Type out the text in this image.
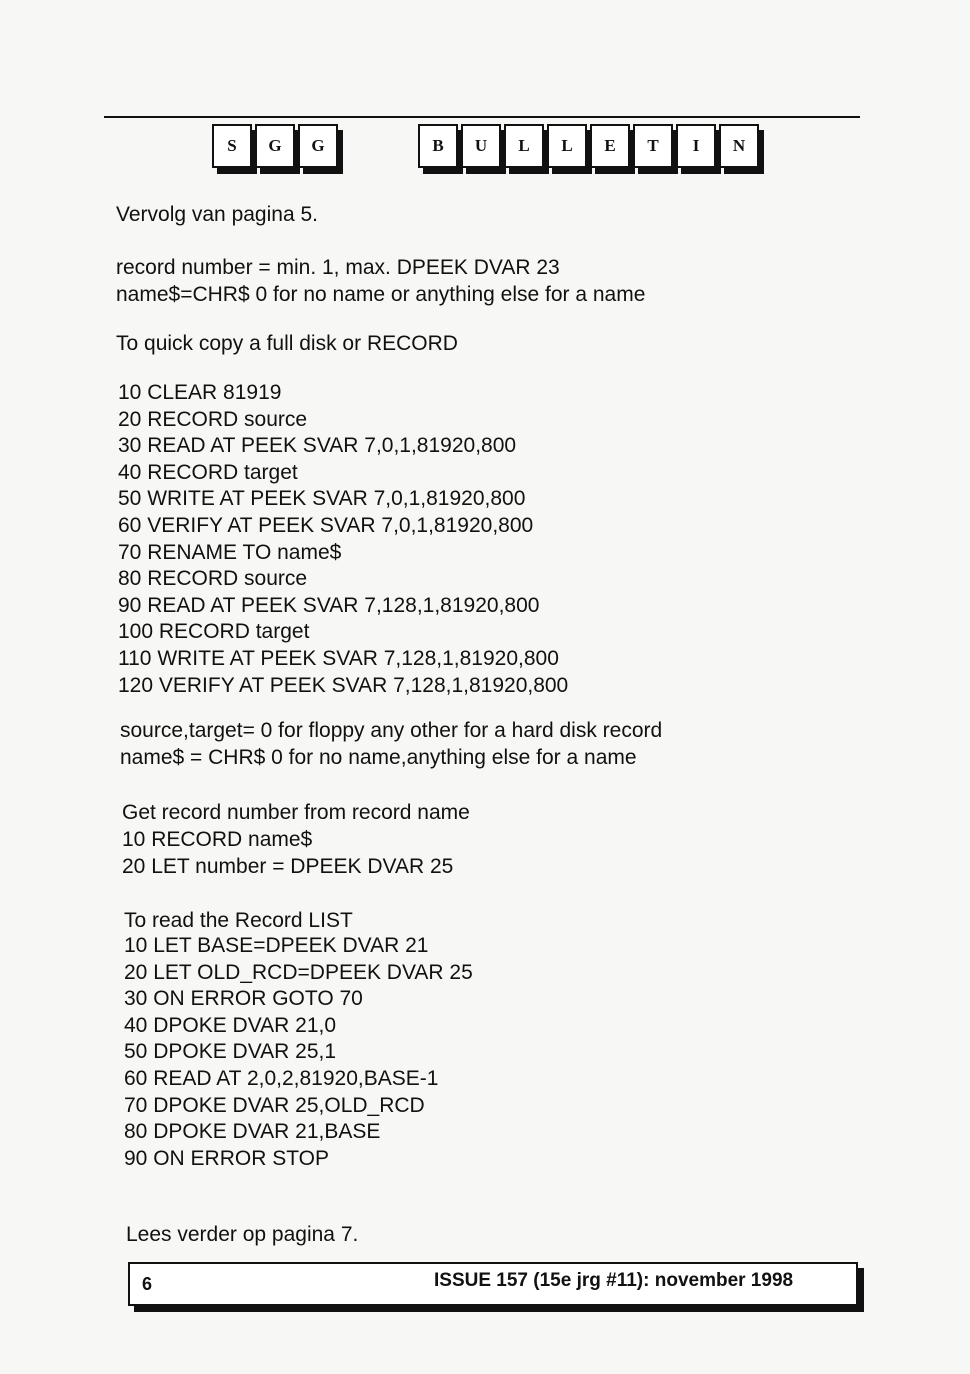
S	G	G	B	U	L	L	E	T	I	N
Vervolg van pagina 5.
record number = min. 1, max. DPEEK DVAR 23
name$=CHR$ 0 for no name or anything else for a name
To quick copy a full disk or RECORD
10 CLEAR 81919
20 RECORD source
30 READ AT PEEK SVAR 7,0,1,81920,800
40 RECORD target
50 WRITE AT PEEK SVAR 7,0,1,81920,800
60 VERIFY AT PEEK SVAR 7,0,1,81920,800
70 RENAME TO name$
80 RECORD source
90 READ AT PEEK SVAR 7,128,1,81920,800
100 RECORD target
110 WRITE AT PEEK SVAR 7,128,1,81920,800
120 VERIFY AT PEEK SVAR 7,128,1,81920,800
source,target= 0 for floppy any other for a hard disk record
name$ = CHR$ 0 for no name,anything else for a name
Get record number from record name
10 RECORD name$
20 LET number = DPEEK DVAR 25
To read the Record LIST
10 LET BASE=DPEEK DVAR 21
20 LET OLD_RCD=DPEEK DVAR 25
30 ON ERROR GOTO 70
40 DPOKE DVAR 21,0
50 DPOKE DVAR 25,1
60 READ AT 2,0,2,81920,BASE-1
70 DPOKE DVAR 25,OLD_RCD
80 DPOKE DVAR 21,BASE
90 ON ERROR STOP
Lees verder op pagina 7.
6	ISSUE 157 (15e jrg #11): november 1998
